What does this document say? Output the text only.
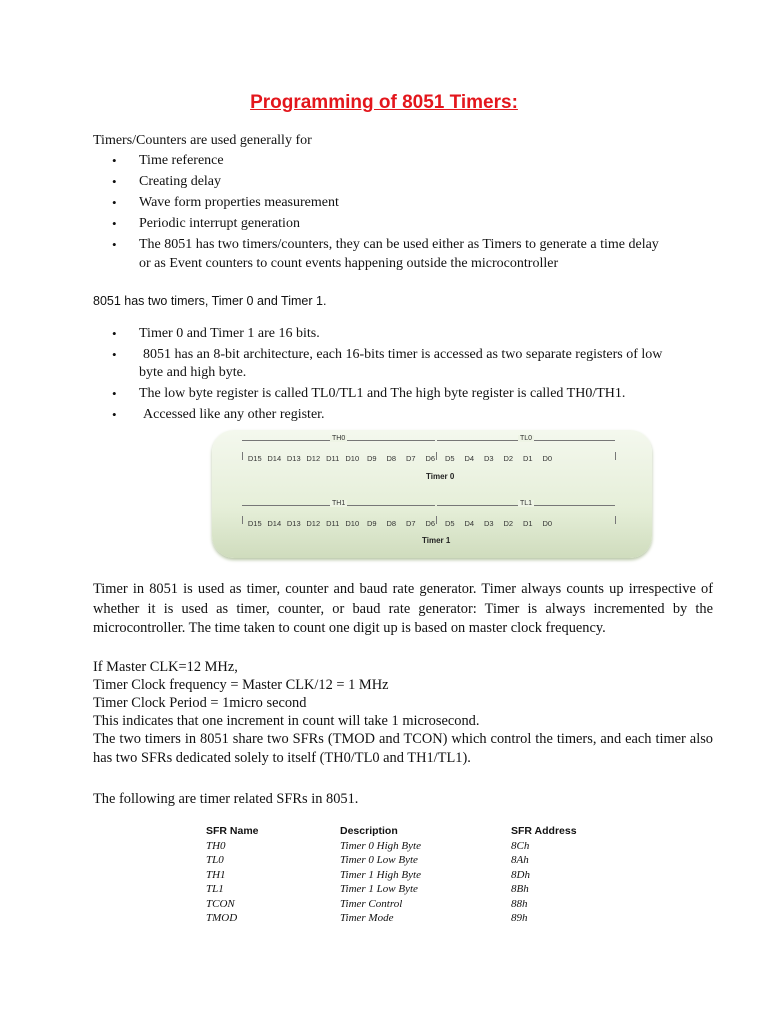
Programming of 8051 Timers:
Timers/Counters are used generally for
• Time reference
• Creating delay
• Wave form properties measurement
• Periodic interrupt generation
• The 8051 has two timers/counters, they can be used either as Timers to generate a time delay
or as Event counters to count events happening outside the microcontroller
8051 has two timers, Timer 0 and Timer 1.
• Timer 0 and Timer 1 are 16 bits.
• 8051 has an 8-bit architecture, each 16-bits timer is accessed as two separate registers of low
byte and high byte.
• The low byte register is called TL0/TL1 and The high byte register is called TH0/TH1.
• Accessed like any other register.
TH0	TL0
D15 D14 D13 D12 D11 D10	D9	D8	D7	D6	D5	D4	D3	D2	D1	D0
Timer 0
TH1	TL1
D15 D14 D13 D12 D11 D10	D9	D8	D7	D6	D5	D4	D3	D2	D1	D0
Timer 1
Timer in 8051 is used as timer, counter and baud rate generator. Timer always counts up irrespective of whether it is used as timer, counter, or baud rate generator: Timer is always incremented by the microcontroller. The time taken to count one digit up is based on master clock frequency.
If Master CLK=12 MHz,
Timer Clock frequency = Master CLK/12 = 1 MHz
Timer Clock Period = 1micro second
This indicates that one increment in count will take 1 microsecond.
The two timers in 8051 share two SFRs (TMOD and TCON) which control the timers, and each timer also has two SFRs dedicated solely to itself (TH0/TL0 and TH1/TL1).
The following are timer related SFRs in 8051.
SFR Name	Description	SFR Address
TH0	Timer 0 High Byte	8Ch
TL0	Timer 0 Low Byte	8Ah
TH1	Timer 1 High Byte	8Dh
TL1	Timer 1 Low Byte	8Bh
TCON	Timer Control	88h
TMOD	Timer Mode	89h
